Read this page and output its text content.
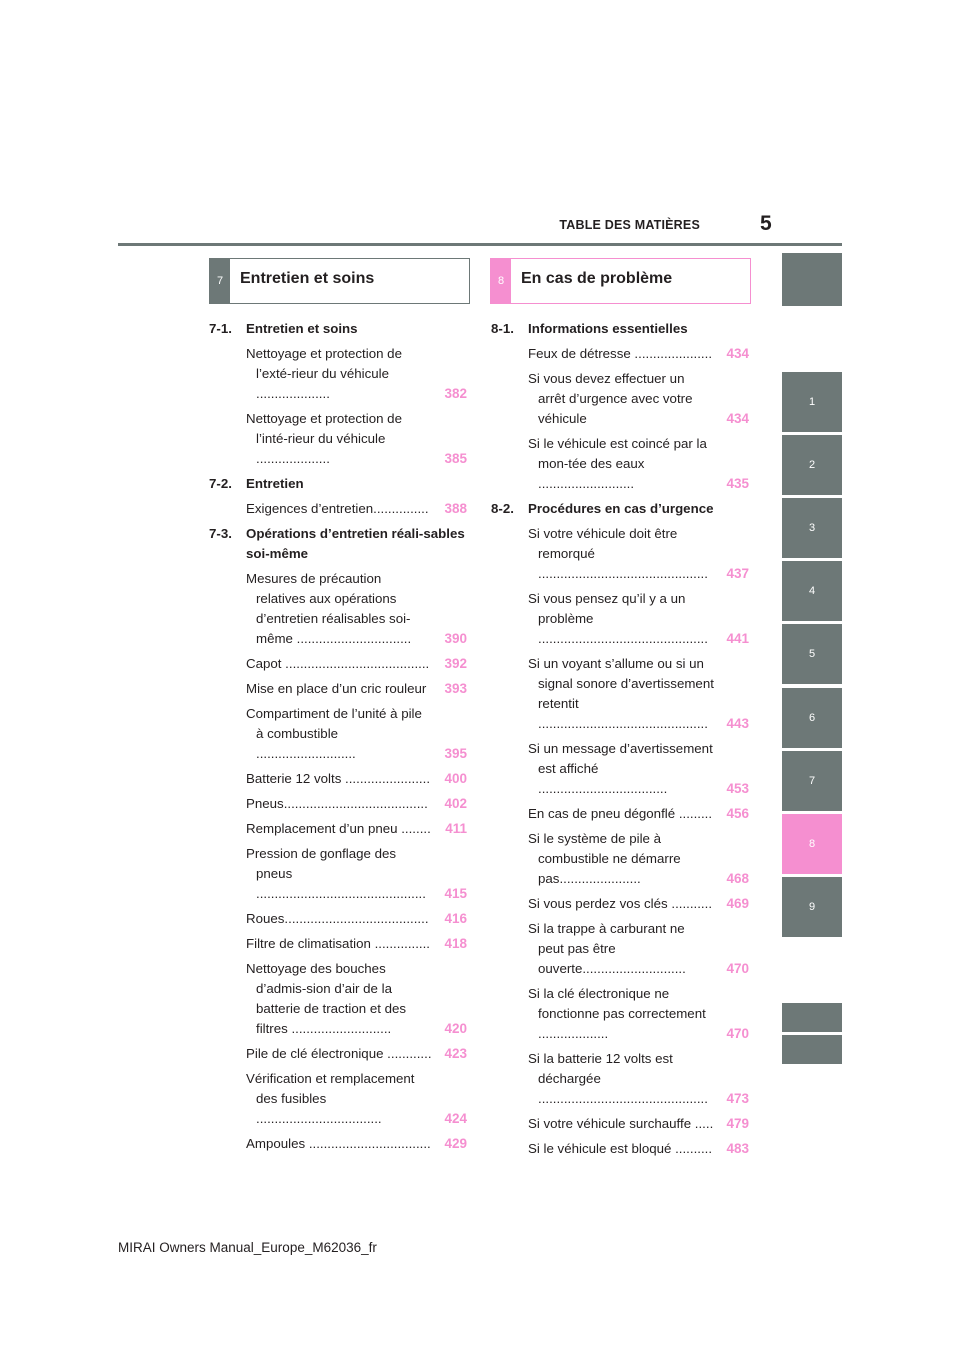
TABLE DES MATIÈRES	5
1
2
3
4
5
6
7
8
9
7	Entretien et soins	8	En cas de problème
7-1. Entretien et soins
Nettoyage et protection de l’exté-rieur du véhicule ....................	382
Nettoyage et protection de l’inté-rieur du véhicule ....................	385
7-2. Entretien
Exigences d’entretien...............	388
7-3. Opérations d’entretien réali-sables soi-même
Mesures de précaution relatives aux opérations d’entretien réalisables soi-même ...............................	390
Capot .......................................	392
Mise en place d’un cric rouleur	393
Compartiment de l’unité à pile à combustible ...........................	395
Batterie 12 volts .......................	400
Pneus.......................................	402
Remplacement d’un pneu ........	411
Pression de gonflage des pneus ..............................................	415
Roues.......................................	416
Filtre de climatisation ...............	418
Nettoyage des bouches d’admis-sion d’air de la batterie de traction et des filtres ...........................	420
Pile de clé électronique ............ 423
Vérification et remplacement des fusibles ..................................	424
Ampoules .................................	429
8-1. Informations essentielles
Feux de détresse .....................	434
Si vous devez effectuer un arrêt d’urgence avec votre véhicule	434
Si le véhicule est coincé par la mon-tée des eaux ..........................	435
8-2. Procédures en cas d’urgence
Si votre véhicule doit être remorqué ..............................................	437
Si vous pensez qu’il y a un problème ..............................................	441
Si un voyant s’allume ou si un signal sonore d’avertissement retentit ..............................................	443
Si un message d’avertissement est affiché ...................................	453
En cas de pneu dégonflé .........	456
Si le système de pile à combustible ne démarre pas......................	468
Si vous perdez vos clés ...........	469
Si la trappe à carburant ne peut pas être ouverte............................	470
Si la clé électronique ne fonctionne pas correctement ...................	470
Si la batterie 12 volts est déchargée ..............................................	473
Si votre véhicule surchauffe ..... 479
Si le véhicule est bloqué ..........	483
MIRAI Owners Manual_Europe_M62036_fr
